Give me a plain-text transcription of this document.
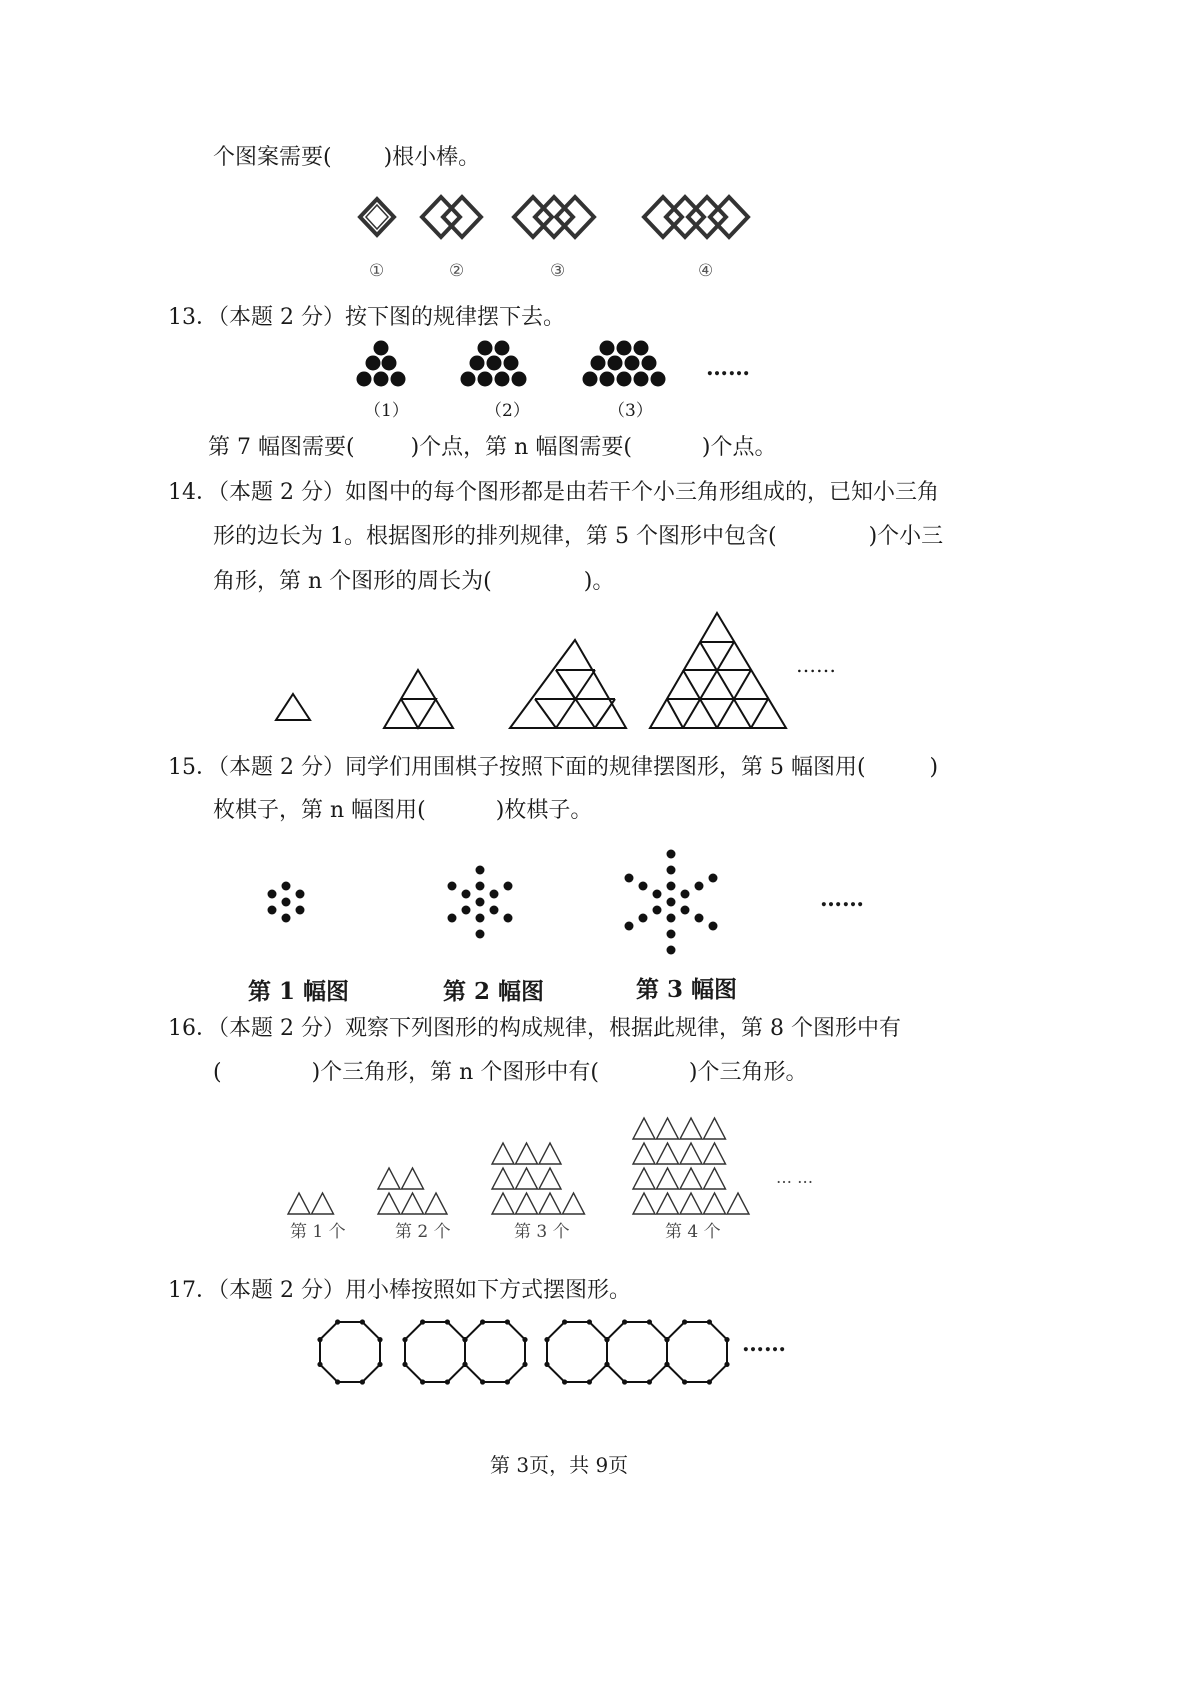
个图案需要( )根小棒。
①	②	③	④
13．（本题 2 分）按下图的规律摆下去。
……
（1）	（2）	（3）
第 7 幅图需要(	)个点，第 n 幅图需要(	)个点。
14．（本题 2 分）如图中的每个图形都是由若干个小三角形组成的，已知小三角
形的边长为 1。根据图形的排列规律，第 5 个图形中包含(	)个小三
角形，第 n 个图形的周长为(	)。
……
15．（本题 2 分）同学们用围棋子按照下面的规律摆图形，第 5 幅图用(	)
枚棋子，第 n 幅图用(	)枚棋子。
……
第 1 幅图	第 2 幅图	第 3 幅图
16．（本题 2 分）观察下列图形的构成规律，根据此规律，第 8 个图形中有
(	)个三角形，第 n 个图形中有(	)个三角形。
… …
第 1 个	第 2 个	第 3 个	第 4 个
17．（本题 2 分）用小棒按照如下方式摆图形。
……
第 3页，共 9页
